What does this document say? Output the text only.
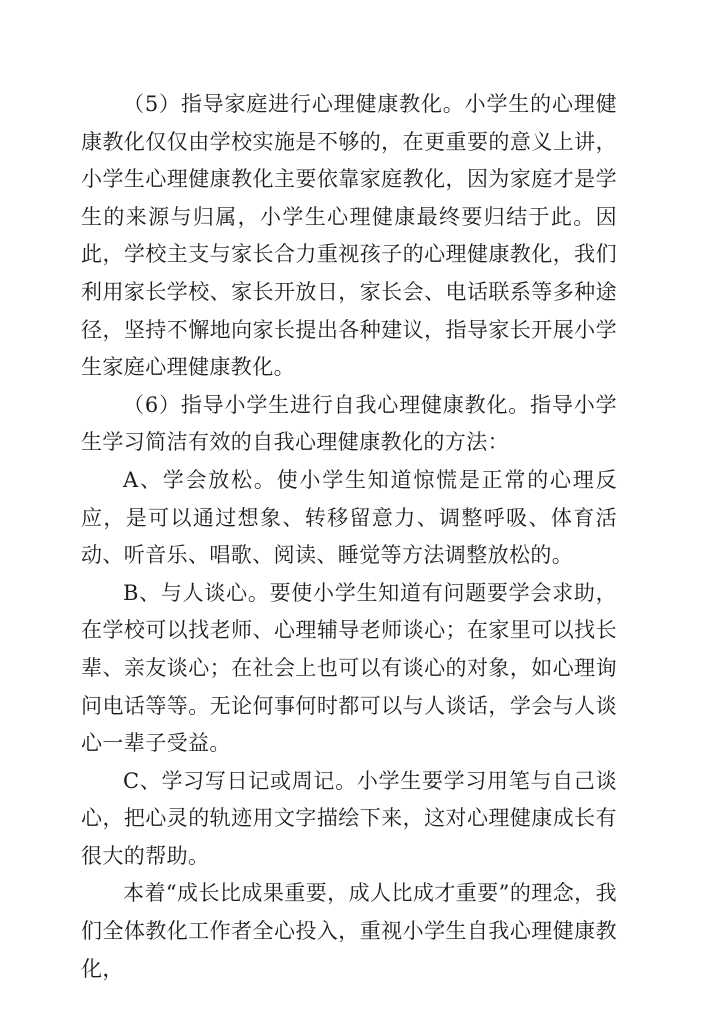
（5）指导家庭进行心理健康教化。小学生的心理健康教化仅仅由学校实施是不够的，在更重要的意义上讲，小学生心理健康教化主要依靠家庭教化，因为家庭才是学生的来源与归属，小学生心理健康最终要归结于此。因此，学校主支与家长合力重视孩子的心理健康教化，我们利用家长学校、家长开放日，家长会、电话联系等多种途径，坚持不懈地向家长提出各种建议，指导家长开展小学生家庭心理健康教化。

（6）指导小学生进行自我心理健康教化。指导小学生学习简洁有效的自我心理健康教化的方法：

A、学会放松。使小学生知道惊慌是正常的心理反应，是可以通过想象、转移留意力、调整呼吸、体育活动、听音乐、唱歌、阅读、睡觉等方法调整放松的。

B、与人谈心。要使小学生知道有问题要学会求助，在学校可以找老师、心理辅导老师谈心；在家里可以找长辈、亲友谈心；在社会上也可以有谈心的对象，如心理询问电话等等。无论何事何时都可以与人谈话，学会与人谈心一辈子受益。

C、学习写日记或周记。小学生要学习用笔与自己谈心，把心灵的轨迹用文字描绘下来，这对心理健康成长有很大的帮助。

本着“成长比成果重要，成人比成才重要”的理念，我们全体教化工作者全心投入，重视小学生自我心理健康教化，
